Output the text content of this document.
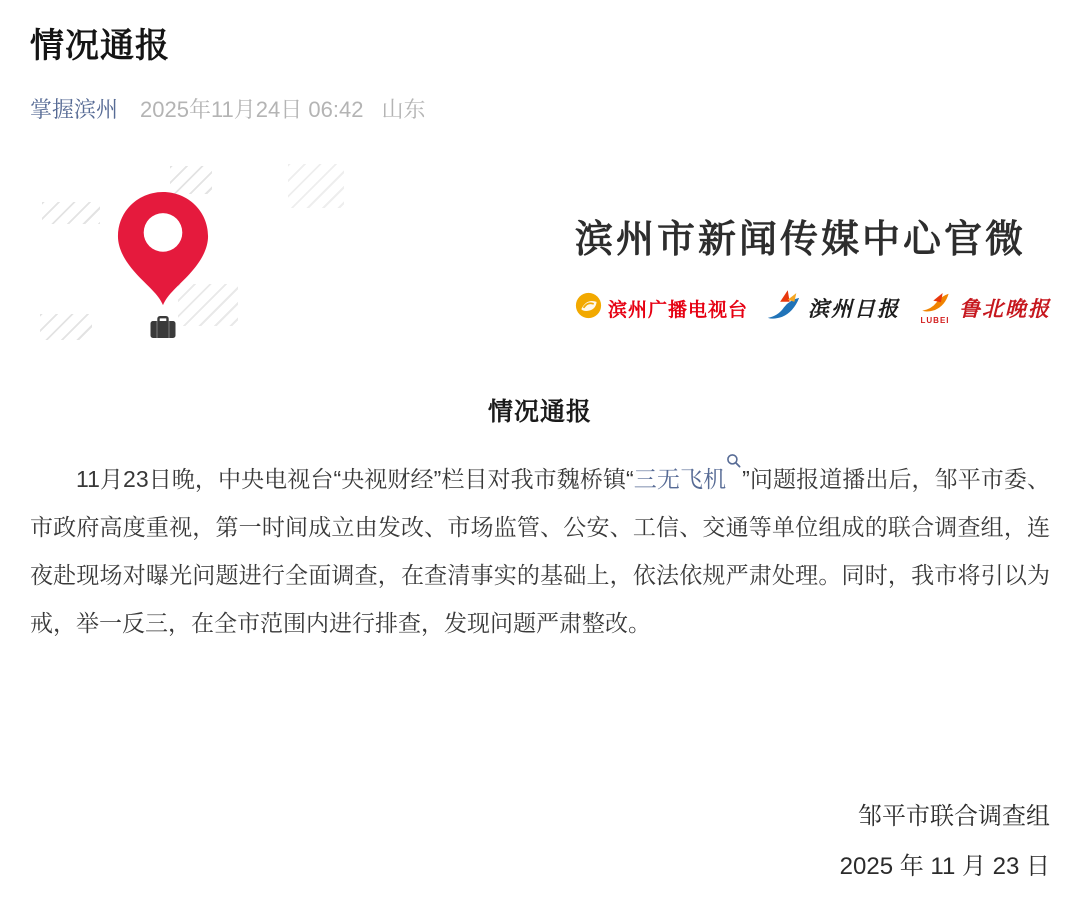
情况通报
掌握滨州 2025年11月24日 06:42 山东
滨州市新闻传媒中心官微
滨州广播电视台	滨州日报	LUBEI 鲁北晚报
情况通报

11月23日晚，中央电视台“央视财经”栏目对我市魏桥镇“三无飞机 ”问题报道播出后，邹平市委、市政府高度重视，第一时间成立由发改、市场监管、公安、工信、交通等单位组成的联合调查组，连夜赴现场对曝光问题进行全面调查，在查清事实的基础上，依法依规严肃处理。同时，我市将引以为戒，举一反三，在全市范围内进行排查，发现问题严肃整改。

邹平市联合调查组
2025 年 11 月 23 日
